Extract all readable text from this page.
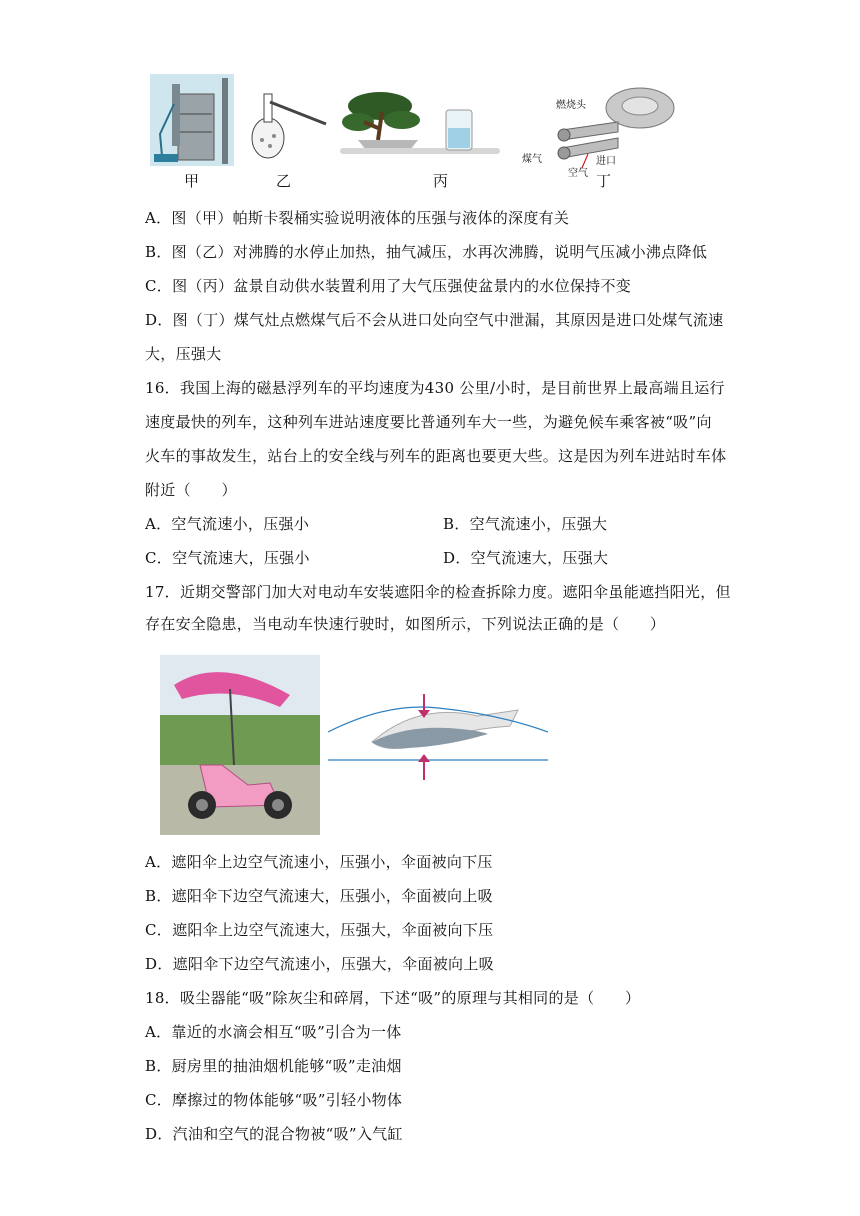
燃烧头
煤气	进口
空气
甲	乙	丙	丁
A．图（甲）帕斯卡裂桶实验说明液体的压强与液体的深度有关
B．图（乙）对沸腾的水停止加热，抽气减压，水再次沸腾，说明气压减小沸点降低
C．图（丙）盆景自动供水装置利用了大气压强使盆景内的水位保持不变
D．图（丁）煤气灶点燃煤气后不会从进口处向空气中泄漏，其原因是进口处煤气流速
大，压强大
16．我国上海的磁悬浮列车的平均速度为430 公里/小时，是目前世界上最高端且运行
速度最快的列车，这种列车进站速度要比普通列车大一些，为避免候车乘客被“吸”向
火车的事故发生，站台上的安全线与列车的距离也要更大些。这是因为列车进站时车体
附近（　　）
A．空气流速小，压强小	B．空气流速小，压强大
C．空气流速大，压强小	D．空气流速大，压强大
17．近期交警部门加大对电动车安装遮阳伞的检查拆除力度。遮阳伞虽能遮挡阳光，但
存在安全隐患，当电动车快速行驶时，如图所示，下列说法正确的是（　　）
A．遮阳伞上边空气流速小，压强小，伞面被向下压
B．遮阳伞下边空气流速大，压强小，伞面被向上吸
C．遮阳伞上边空气流速大，压强大，伞面被向下压
D．遮阳伞下边空气流速小，压强大，伞面被向上吸
18．吸尘器能“吸”除灰尘和碎屑，下述“吸”的原理与其相同的是（　　）
A．靠近的水滴会相互“吸”引合为一体
B．厨房里的抽油烟机能够“吸”走油烟
C．摩擦过的物体能够“吸”引轻小物体
D．汽油和空气的混合物被“吸”入气缸
